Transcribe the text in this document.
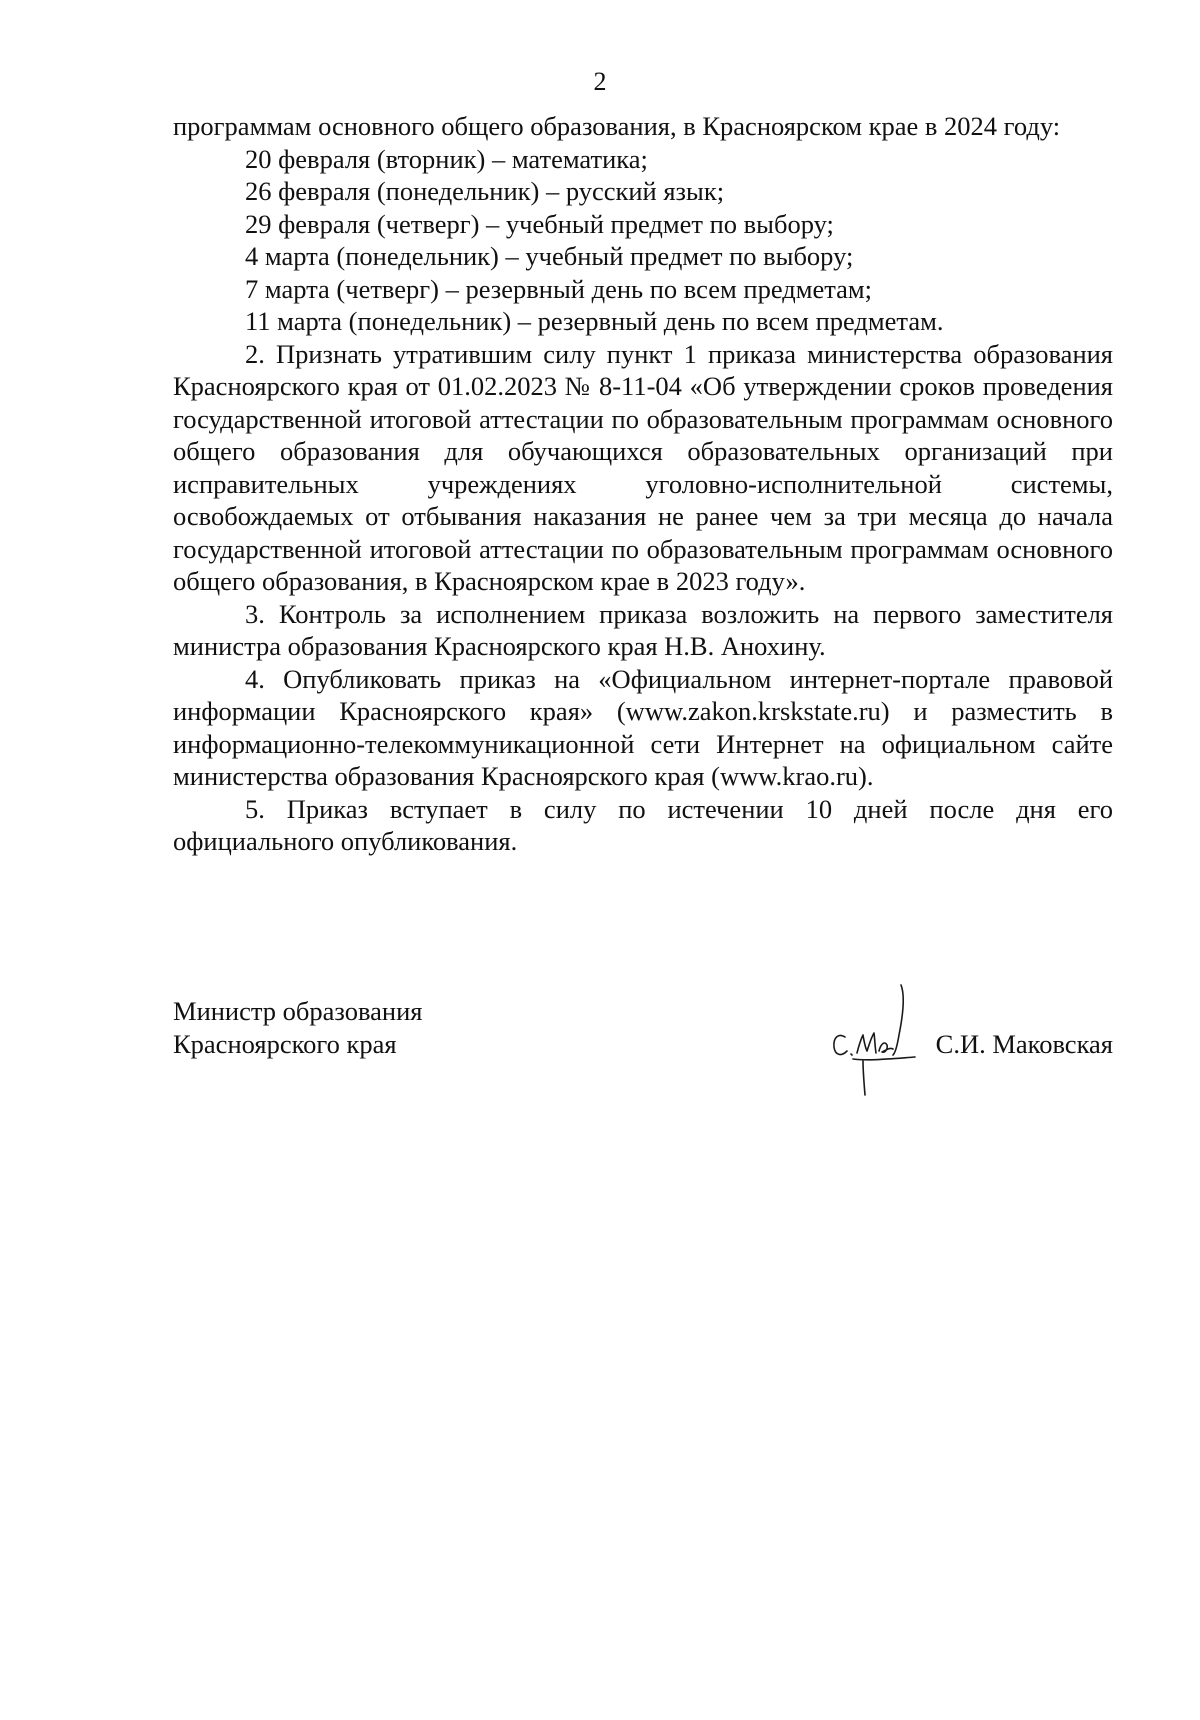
2

программам основного общего образования, в Красноярском крае в 2024 году:

20 февраля (вторник) – математика;

26 февраля (понедельник) – русский язык;

29 февраля (четверг) – учебный предмет по выбору;

4 марта (понедельник) – учебный предмет по выбору;

7 марта (четверг) – резервный день по всем предметам;

11 марта (понедельник) – резервный день по всем предметам.

2. Признать утратившим силу пункт 1 приказа министерства образования Красноярского края от 01.02.2023 № 8-11-04 «Об утверждении сроков проведения государственной итоговой аттестации по образовательным программам основного общего образования для обучающихся образовательных организаций при исправительных учреждениях уголовно-исполнительной системы, освобождаемых от отбывания наказания не ранее чем за три месяца до начала государственной итоговой аттестации по образовательным программам основного общего образования, в Красноярском крае в 2023 году».

3. Контроль за исполнением приказа возложить на первого заместителя министра образования Красноярского края Н.В. Анохину.

4. Опубликовать приказ на «Официальном интернет-портале правовой информации Красноярского края» (www.zakon.krskstate.ru) и разместить в информационно-телекоммуникационной сети Интернет на официальном сайте министерства образования Красноярского края (www.krao.ru).

5. Приказ вступает в силу по истечении 10 дней после дня его официального опубликования.

Министр образования
Красноярского края	С.И. Маковская
